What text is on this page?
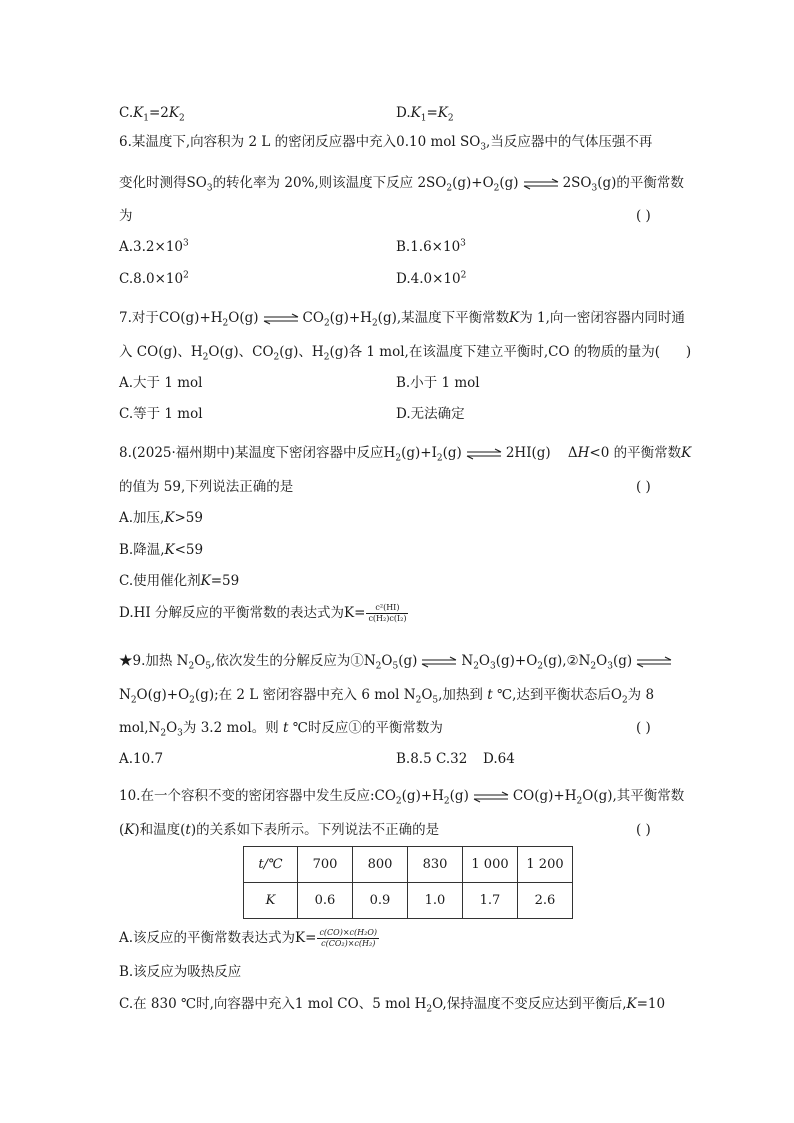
$C.K_1=2K_2$	$D.K_1=K_2$
6.某温度下,向容积为 2 L 的密闭反应器中充入0.10 mol $SO_3$,当反应器中的气体压强不再
变化时测得$SO_3$的转化率为 20%,则该温度下反应 $2SO_2(g)+O_2(g)$ ⇌ $2SO_3(g)$的平衡常数
为	( )
$A.3.2\times 10^3$	$B.1.6\times 10^3$
$C.8.0\times 10^2$	$D.4.0\times 10^2$
7.对于$CO(g)+H_2O(g)$ ⇌ $CO_2(g)+H_2(g)$,某温度下平衡常数K为 1,向一密闭容器内同时通
入 CO(g)、$H_2O(g)$、$CO_2(g)$、$H_2(g)$各 1 mol,在该温度下建立平衡时,CO 的物质的量为(      )
A.大于 1 mol	B.小于 1 mol
C.等于 1 mol	D.无法确定
8.(2025·福州期中)某温度下密闭容器中反应$H_2(g)+I_2(g)$ ⇌ 2HI(g)    ΔH<0 的平衡常数K
的值为 59,下列说法正确的是	( )
A.加压,K>59
B.降温,K<59
C.使用催化剂K=59
D.HI 分解反应的平衡常数的表达式为$K= \frac{\text{c²(HI)}}{\text{c(H₂)c(I₂)}}$
★9.加热 $N_2O_5$,依次发生的分解反应为$①N_2O_5(g)$ ⇌ $N_2O_3(g)+O_2(g),②N_2O_3(g)$ ⇌
$N_2O(g)+O_2(g)$;在 2 L 密闭容器中充入 6 mol $N_2O_5$,加热到 t ℃,达到平衡状态后$O_2$为 8
$mol,N_2O_3$为 3.2 mol。则 t ℃时反应①的平衡常数为	( )
A.10.7	B.8.5 C.32 D.64
10.在一个容积不变的密闭容器中发生反应$:CO_2(g)+H_2(g)$ ⇌ $CO(g)+H_2O(g)$,其平衡常数
(K)和温度(t)的关系如下表所示。下列说法不正确的是	( )
t/℃	700	800	830	1 000	1 200
K	0.6	0.9	1.0	1.7	2.6
A.该反应的平衡常数表达式为$K= \frac{\text{c(CO)×c(H₂O)}}{\text{c(CO₂)×c(H₂)}}$
B.该反应为吸热反应
C.在 830 ℃时,向容器中充入1 mol CO、5 mol $H_2O$,保持温度不变反应达到平衡后,K=10
